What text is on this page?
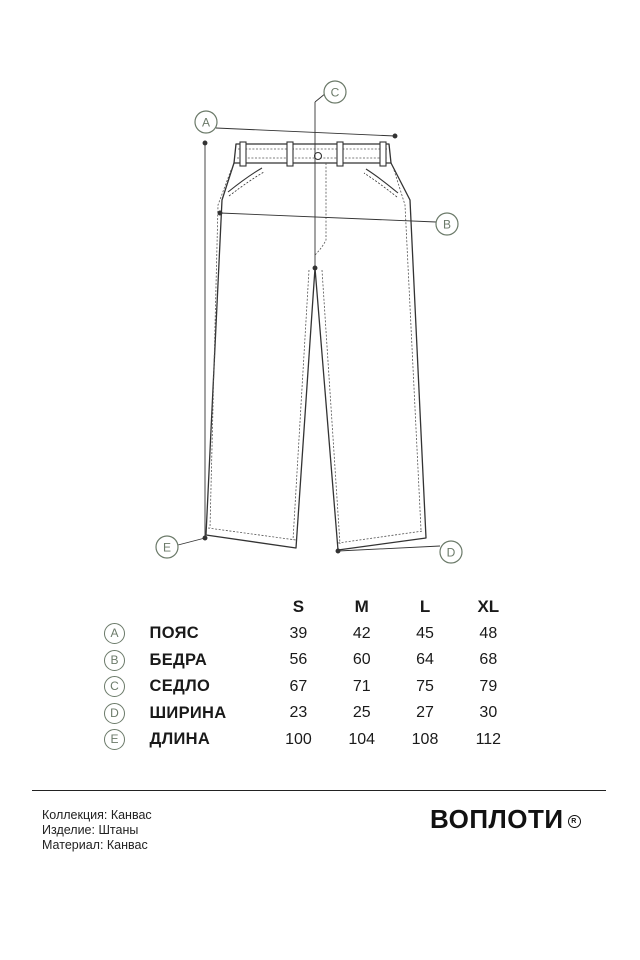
A
B
C
D
E
		S	M	L	XL
A	ПОЯС	39	42	45	48
B	БЕДРА	56	60	64	68
C	СЕДЛО	67	71	75	79
D	ШИРИНА	23	25	27	30
E	ДЛИНА	100	104	108	112
Коллекция: Канвас
Изделие: Штаны
Материал: Канвас
ВОПЛОТИ R
